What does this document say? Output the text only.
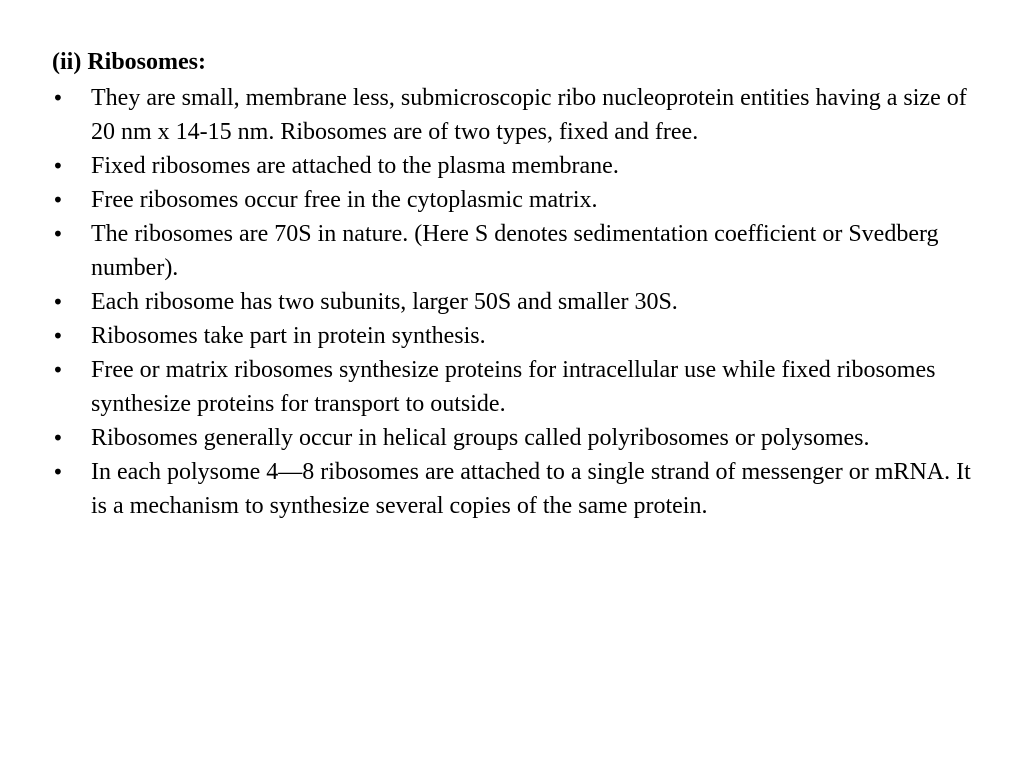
(ii) Ribosomes:
•	They are small, membrane less, submicroscopic ribo nucleoprotein entities having a size of 20 nm x 14-15 nm. Ribosomes are of two types, fixed and free.
•	Fixed ribosomes are attached to the plasma membrane.
•	Free ribosomes occur free in the cytoplasmic matrix.
•	The ribosomes are 70S in nature. (Here S denotes sedimentation coefficient or Svedberg number).
•	Each ribosome has two subunits, larger 50S and smaller 30S.
•	Ribosomes take part in protein synthesis.
•	Free or matrix ribosomes synthesize proteins for intracellular use while fixed ribosomes synthesize proteins for transport to outside.
•	Ribosomes generally occur in helical groups called polyribosomes or polysomes.
•	In each polysome 4—8 ribosomes are attached to a single strand of messenger or mRNA. It is a mechanism to synthesize several copies of the same protein.
